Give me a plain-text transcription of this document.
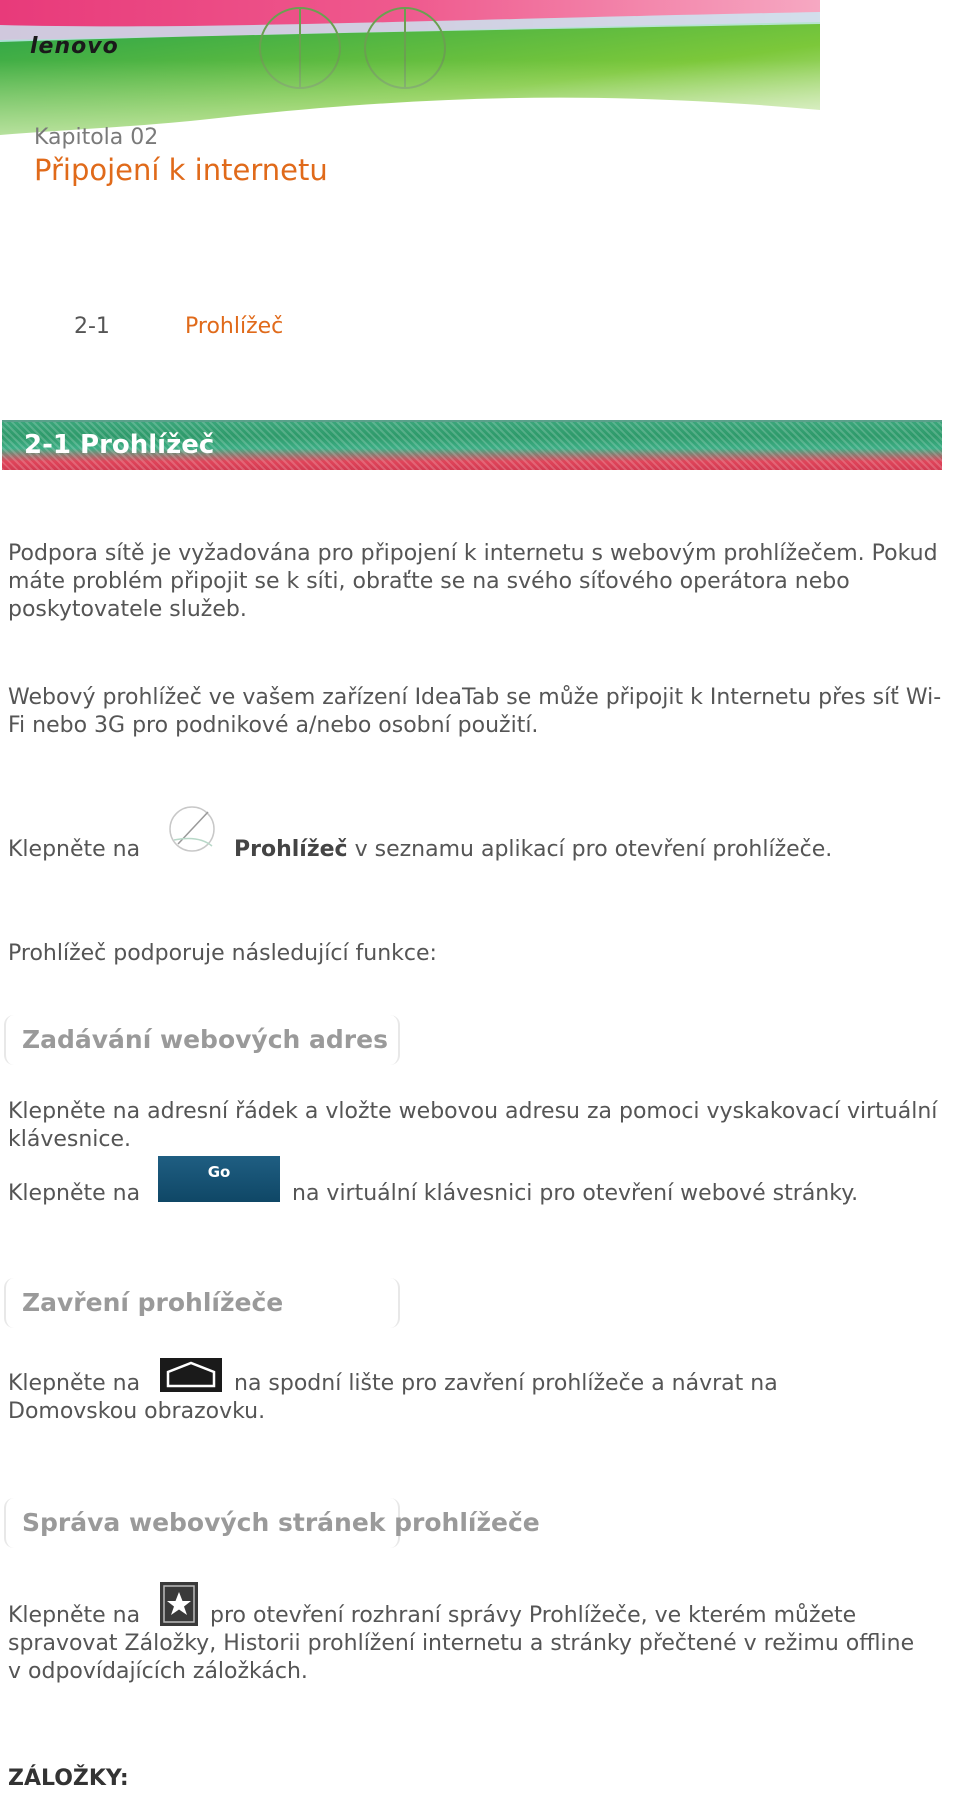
lenovo
Kapitola 02
Připojení k internetu
2-1	Prohlížeč
2-1 Prohlížeč

Podpora sítě je vyžadována pro připojení k internetu s webovým prohlížečem. Pokud máte problém připojit se k síti, obraťte se na svého síťového operátora nebo poskytovatele služeb.

Webový prohlížeč ve vašem zařízení IdeaTab se může připojit k Internetu přes síť Wi-Fi nebo 3G pro podnikové a/nebo osobní použití.

Klepněte na	Prohlížeč v seznamu aplikací pro otevření prohlížeče.

Prohlížeč podporuje následující funkce:

Zadávání webových adres

Klepněte na adresní řádek a vložte webovou adresu za pomoci vyskakovací virtuální klávesnice.

Klepněte na
Go
na virtuální klávesnici pro otevření webové stránky.
Zavření prohlížeče
Klepněte na	na spodní lište pro zavření prohlížeče a návrat na
Domovskou obrazovku.
Správa webových stránek prohlížeče
Klepněte na	pro otevření rozhraní správy Prohlížeče, ve kterém můžete
spravovat Záložky, Historii prohlížení internetu a stránky přečtené v režimu offline
v odpovídajících záložkách.
ZÁLOŽKY:
